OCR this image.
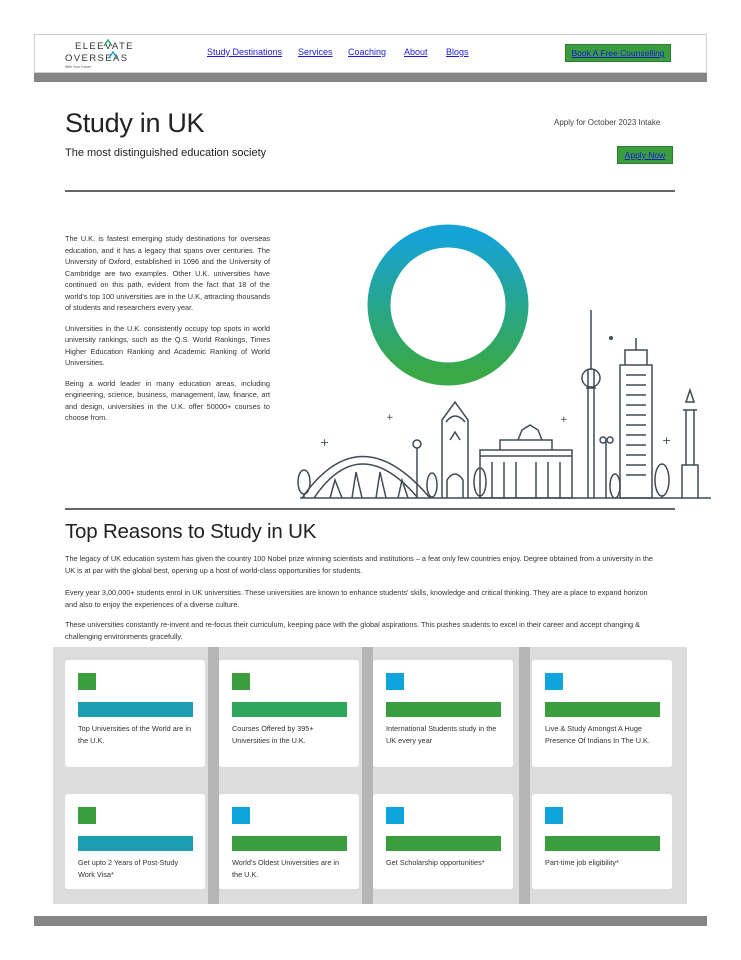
ELEEVATE
OVERSEAS
With Your Future
Study Destinations Services Coaching About Blogs	Book A Free Counselling
Study in UK
The most distinguished education society
Apply for October 2023 Intake
Apply Now

The U.K. is fastest emerging study destinations for overseas education, and it has a legacy that spans over centuries. The University of Oxford, established in 1096 and the University of Cambridge are two examples. Other U.K. universities have continued on this path, evident from the fact that 18 of the world's top 100 universities are in the U.K, attracting thousands of students and researchers every year.

Universities in the U.K. consistently occupy top spots in world university rankings, such as the Q.S. World Rankings, Times Higher Education Ranking and Academic Ranking of World Universities.

Being a world leader in many education areas, including engineering, science, business, management, law, finance, art and design, universities in the U.K. offer 50000+ courses to choose from.

+
+	+
+
Top Reasons to Study in UK
The legacy of UK education system has given the country 100 Nobel prize winning scientists and institutions – a feat only few countries enjoy. Degree obtained from a university in the UK is at par with the global best, opening up a host of world-class opportunities for students.
Every year 3,00,000+ students enrol in UK universities. These universities are known to enhance students' skills, knowledge and critical thinking. They are a place to expand horizon and also to enjoy the experiences of a diverse culture.
These universities constantly re-invent and re-focus their curriculum, keeping pace with the global aspirations. This pushes students to excel in their career and accept changing & challenging environments gracefully.
Top Universities of the World are in the U.K.
Courses Offered by 395+ Universities in the U.K.
International Students study in the UK every year
Live & Study Amongst A Huge Presence Of Indians In The U.K.
Get upto 2 Years of Post-Study Work Visa*
World's Oldest Universities are in the U.K.
Get Scholarship opportunities*	Part-time job eligibility*
